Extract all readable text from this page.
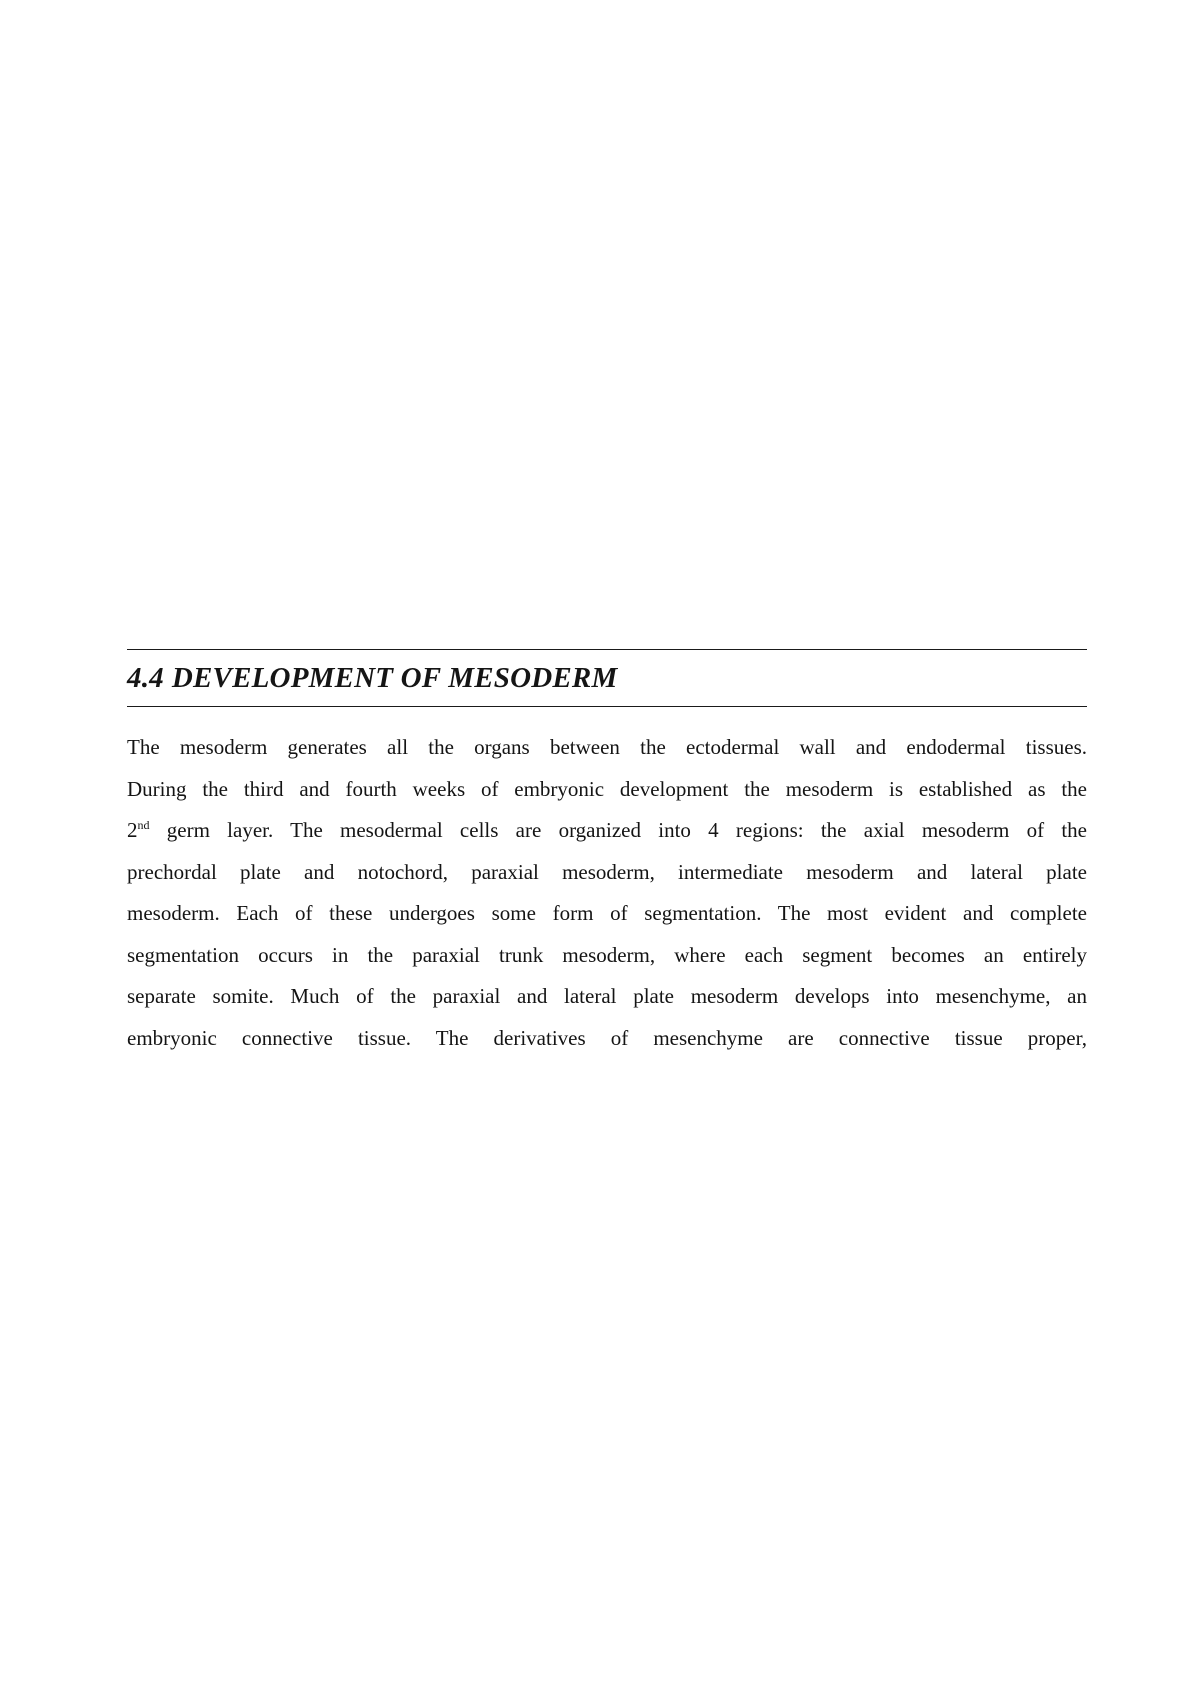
4.4 DEVELOPMENT OF MESODERM
The mesoderm generates all the organs between the ectodermal wall and endodermal tissues.
During the third and fourth weeks of embryonic development the mesoderm is established as the
2nd germ layer. The mesodermal cells are organized into 4 regions: the axial mesoderm of the
prechordal plate and notochord, paraxial mesoderm, intermediate mesoderm and lateral plate
mesoderm. Each of these undergoes some form of segmentation. The most evident and complete
segmentation occurs in the paraxial trunk mesoderm, where each segment becomes an entirely
separate somite. Much of the paraxial and lateral plate mesoderm develops into mesenchyme, an
embryonic connective tissue. The derivatives of mesenchyme are connective tissue proper,
